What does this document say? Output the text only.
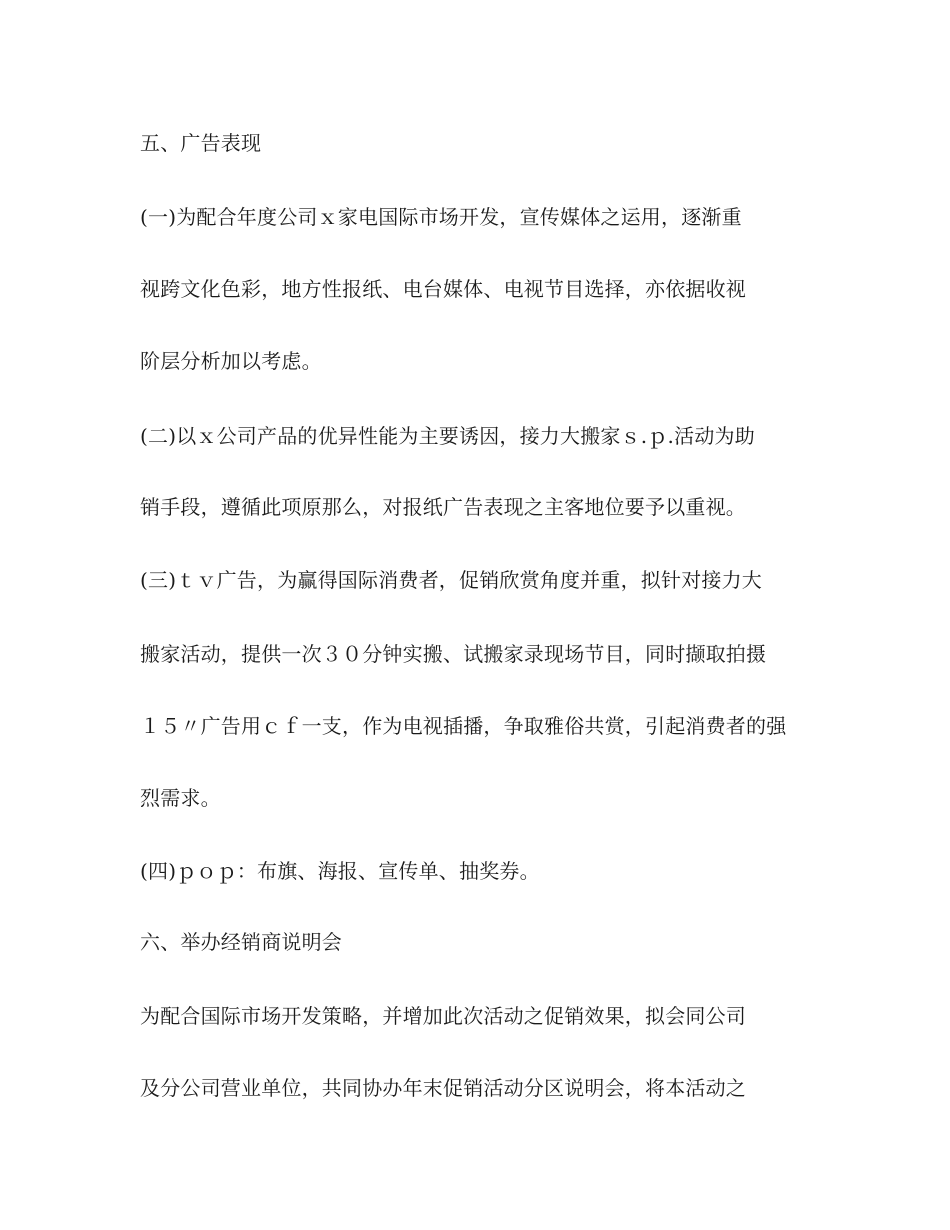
五、广告表现
(一)为配合年度公司ｘ家电国际市场开发，宣传媒体之运用，逐渐重
视跨文化色彩，地方性报纸、电台媒体、电视节目选择，亦依据收视
阶层分析加以考虑。
(二)以ｘ公司产品的优异性能为主要诱因，接力大搬家ｓ.ｐ.活动为助
销手段，遵循此项原那么，对报纸广告表现之主客地位要予以重视。
(三)ｔｖ广告，为赢得国际消费者，促销欣赏角度并重，拟针对接力大
搬家活动，提供一次３０分钟实搬、试搬家录现场节目，同时撷取拍摄
１５〃广告用ｃｆ一支，作为电视插播，争取雅俗共赏，引起消费者的强
烈需求。
(四)ｐｏｐ：布旗、海报、宣传单、抽奖券。
六、举办经销商说明会
为配合国际市场开发策略，并增加此次活动之促销效果，拟会同公司
及分公司营业单位，共同协办年末促销活动分区说明会，将本活动之
